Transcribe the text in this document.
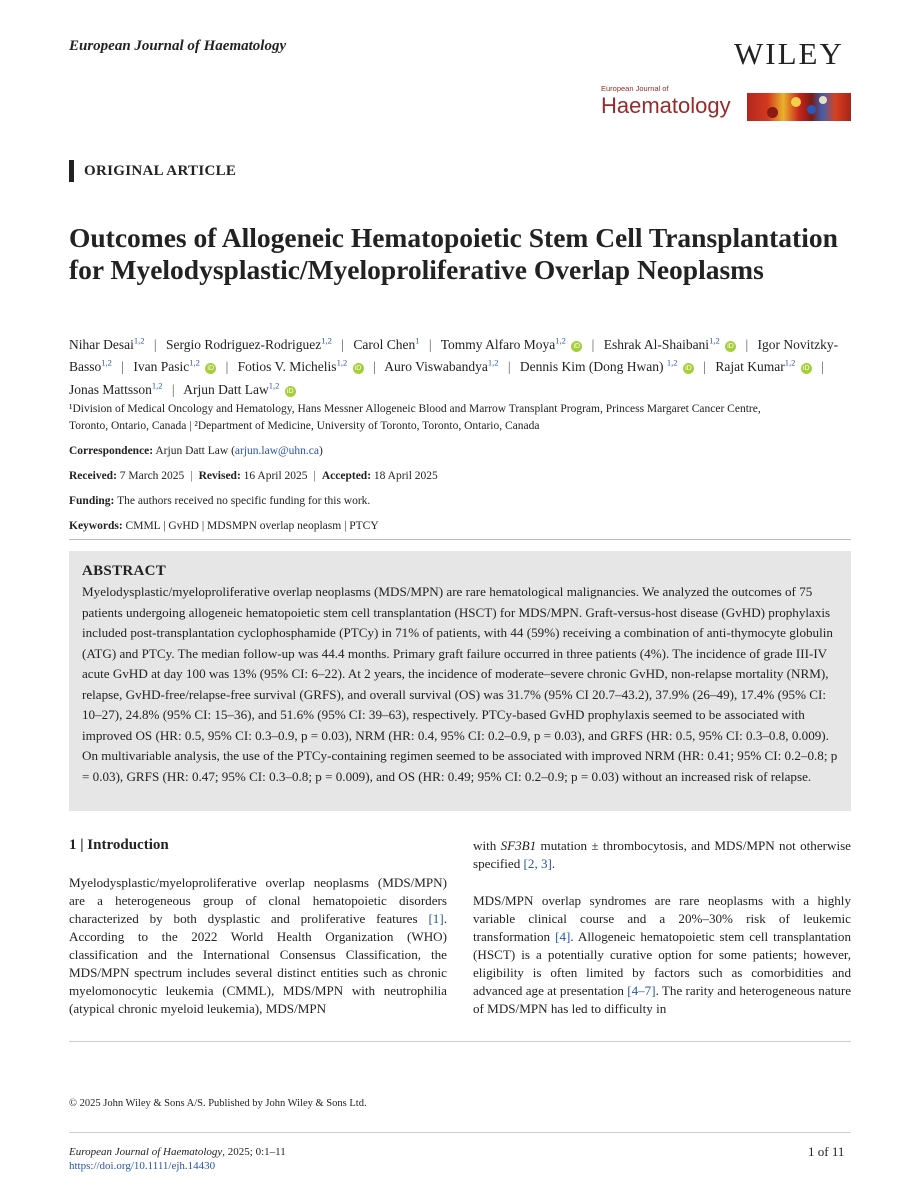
European Journal of Haematology	WILEY
European Journal of
Haematology
ORIGINAL ARTICLE
Outcomes of Allogeneic Hematopoietic Stem Cell Transplantation for Myelodysplastic/Myeloproliferative Overlap Neoplasms
Nihar Desai$^{1,2}$ | Sergio Rodriguez-Rodriguez$^{1,2}$ | Carol Chen$^1$ | Tommy Alfaro Moya$^{1,2}$ iD | Eshrak Al-Shaibani$^{1,2}$ iD | Igor Novitzky-Basso$^{1,2}$ | Ivan Pasic$^{1,2}$ iD | Fotios V. Michelis$^{1,2}$ iD | Auro Viswabandya$^{1,2}$ | Dennis Kim (Dong Hwan) $^{1,2}$ iD | Rajat Kumar$^{1,2}$ iD | Jonas Mattsson$^{1,2}$ | Arjun Datt Law$^{1,2}$ iD
¹Division of Medical Oncology and Hematology, Hans Messner Allogeneic Blood and Marrow Transplant Program, Princess Margaret Cancer Centre,
Toronto, Ontario, Canada | ²Department of Medicine, University of Toronto, Toronto, Ontario, Canada
Correspondence: Arjun Datt Law (arjun.law@uhn.ca)
Received: 7 March 2025 | Revised: 16 April 2025 | Accepted: 18 April 2025
Funding: The authors received no specific funding for this work.
Keywords: CMML | GvHD | MDSMPN overlap neoplasm | PTCY
ABSTRACT
Myelodysplastic/myeloproliferative overlap neoplasms (MDS/MPN) are rare hematological malignancies. We analyzed the outcomes of 75 patients undergoing allogeneic hematopoietic stem cell transplantation (HSCT) for MDS/MPN. Graft-versus-host disease (GvHD) prophylaxis included post-transplantation cyclophosphamide (PTCy) in 71% of patients, with 44 (59%) receiving a combination of anti-thymocyte globulin (ATG) and PTCy. The median follow-up was 44.4 months. Primary graft failure occurred in three patients (4%). The incidence of grade III-IV acute GvHD at day 100 was 13% (95% CI: 6–22). At 2 years, the incidence of moderate–severe chronic GvHD, non-relapse mortality (NRM), relapse, GvHD-free/relapse-free survival (GRFS), and overall survival (OS) was 31.7% (95% CI 20.7–43.2), 37.9% (26–49), 17.4% (95% CI: 10–27), 24.8% (95% CI: 15–36), and 51.6% (95% CI: 39–63), respectively. PTCy-based GvHD prophylaxis seemed to be associated with improved OS (HR: 0.5, 95% CI: 0.3–0.9, p = 0.03), NRM (HR: 0.4, 95% CI: 0.2–0.9, p = 0.03), and GRFS (HR: 0.5, 95% CI: 0.3–0.8, 0.009). On multivariable analysis, the use of the PTCy-containing regimen seemed to be associated with improved NRM (HR: 0.41; 95% CI: 0.2–0.8; p = 0.03), GRFS (HR: 0.47; 95% CI: 0.3–0.8; p = 0.009), and OS (HR: 0.49; 95% CI: 0.2–0.9; p = 0.03) without an increased risk of relapse.
1 | Introduction
Myelodysplastic/myeloproliferative overlap neoplasms (MDS/MPN) are a heterogeneous group of clonal hematopoietic disorders characterized by both dysplastic and proliferative features [1]. According to the 2022 World Health Organization (WHO) classification and the International Consensus Classification, the MDS/MPN spectrum includes several distinct entities such as chronic myelomonocytic leukemia (CMML), MDS/MPN with neutrophilia (atypical chronic myeloid leukemia), MDS/MPN
with SF3B1 mutation ± thrombocytosis, and MDS/MPN not otherwise specified [2, 3].
MDS/MPN overlap syndromes are rare neoplasms with a highly variable clinical course and a 20%–30% risk of leukemic transformation [4]. Allogeneic hematopoietic stem cell transplantation (HSCT) is a potentially curative option for some patients; however, eligibility is often limited by factors such as comorbidities and advanced age at presentation [4–7]. The rarity and heterogeneous nature of MDS/MPN has led to difficulty in
© 2025 John Wiley & Sons A/S. Published by John Wiley & Sons Ltd.
European Journal of Haematology, 2025; 0:1–11
https://doi.org/10.1111/ejh.14430
1 of 11
